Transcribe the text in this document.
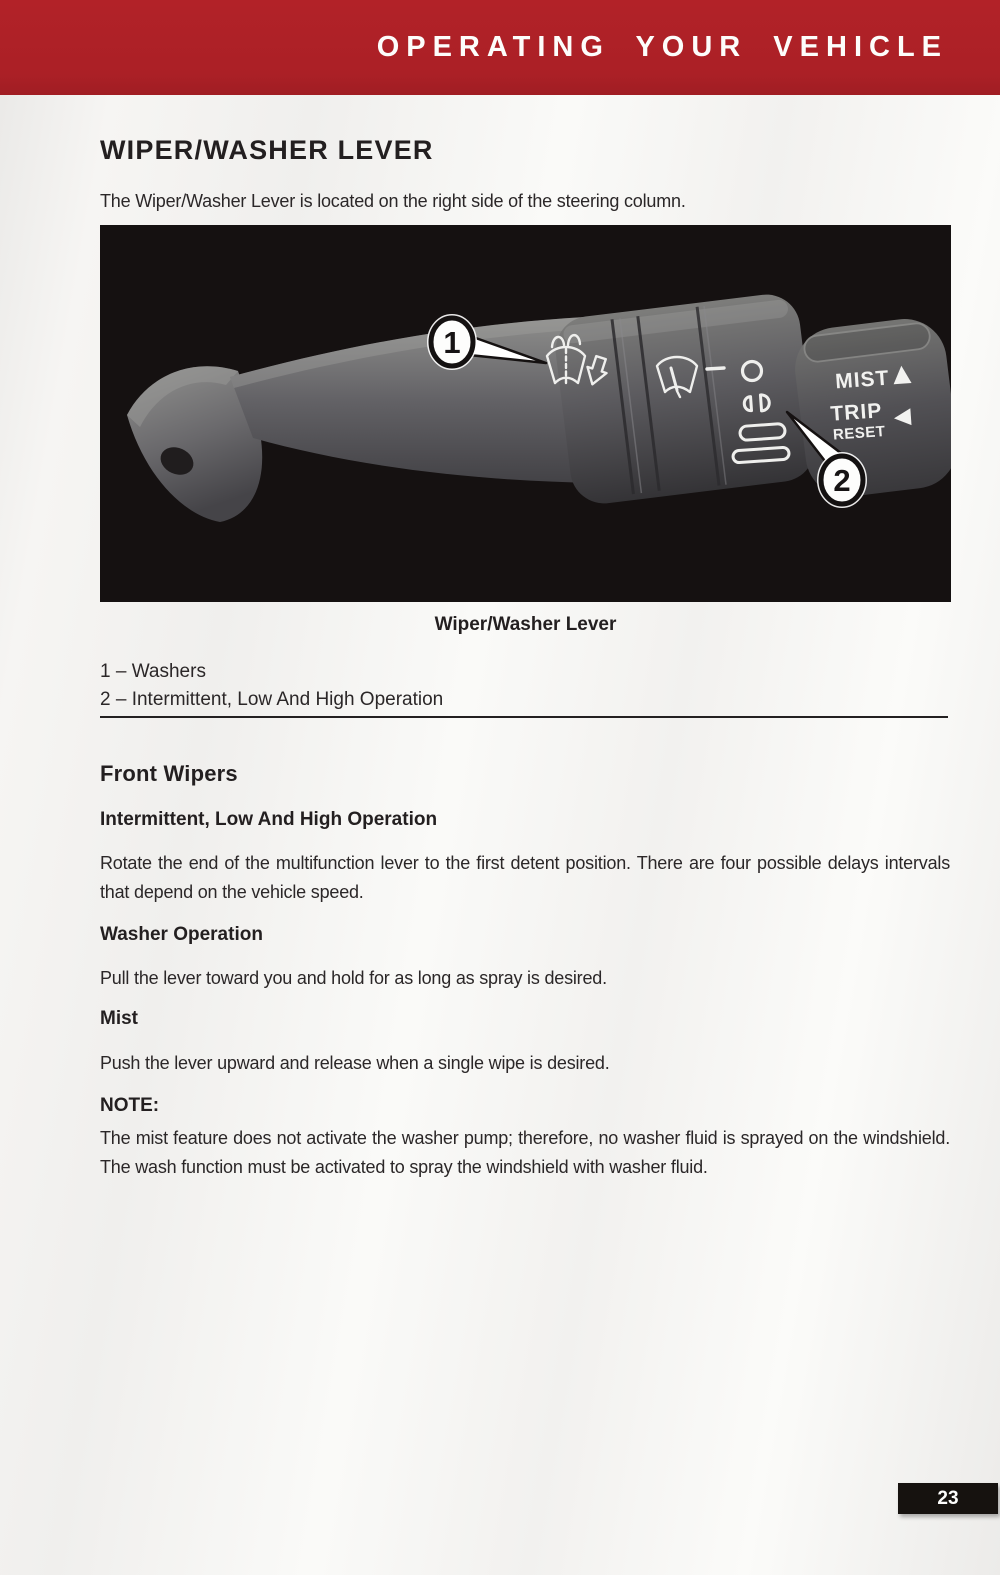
OPERATING YOUR VEHICLE
WIPER/WASHER LEVER

The Wiper/Washer Lever is located on the right side of the steering column.

MIST
TRIP
RESET
1
2
Wiper/Washer Lever
1 – Washers
2 – Intermittent, Low And High Operation
Front Wipers
Intermittent, Low And High Operation

Rotate the end of the multifunction lever to the first detent position. There are four possible delays intervals that depend on the vehicle speed.

Washer Operation

Pull the lever toward you and hold for as long as spray is desired.

Mist

Push the lever upward and release when a single wipe is desired.

NOTE:

The mist feature does not activate the washer pump; therefore, no washer fluid is sprayed on the windshield. The wash function must be activated to spray the windshield with washer fluid.

23
